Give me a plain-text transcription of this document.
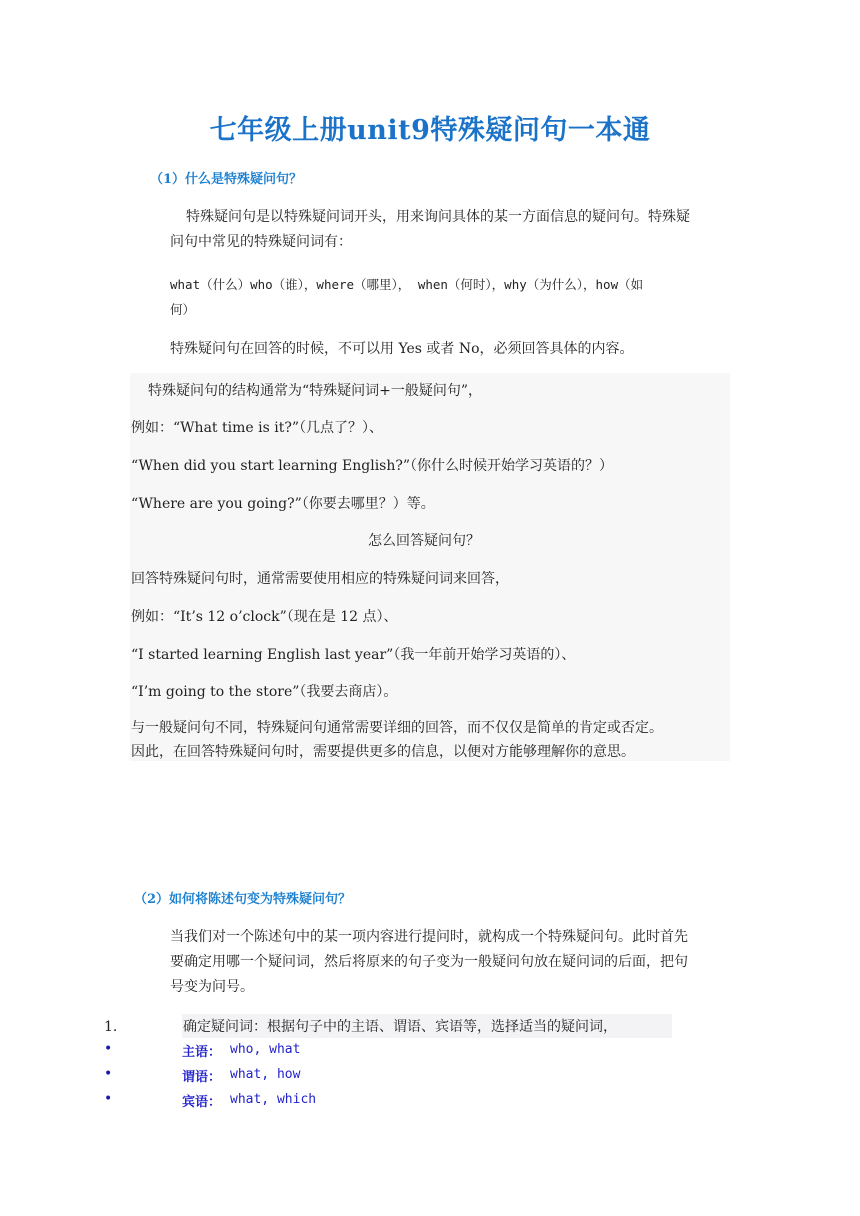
七年级上册unit9特殊疑问句一本通
（1）什么是特殊疑问句？
特殊疑问句是以特殊疑问词开头，用来询问具体的某一方面信息的疑问句。特殊疑
问句中常见的特殊疑问词有：
what（什么）who（谁），where（哪里）， when（何时），why（为什么），how（如
何）
特殊疑问句在回答的时候，不可以用 Yes 或者 No，必须回答具体的内容。
特殊疑问句的结构通常为“特殊疑问词+一般疑问句”，
例如：“What time is it?”（几点了？）、
“When did you start learning English?”（你什么时候开始学习英语的？）
“Where are you going?”（你要去哪里？）等。
怎么回答疑问句？
回答特殊疑问句时，通常需要使用相应的特殊疑问词来回答，
例如：“It’s 12 o’clock”（现在是 12 点）、
“I started learning English last year”（我一年前开始学习英语的）、
“I’m going to the store”（我要去商店）。
与一般疑问句不同，特殊疑问句通常需要详细的回答，而不仅仅是简单的肯定或否定。
因此，在回答特殊疑问句时，需要提供更多的信息，以便对方能够理解你的意思。
（2）如何将陈述句变为特殊疑问句？
当我们对一个陈述句中的某一项内容进行提问时，就构成一个特殊疑问句。此时首先
要确定用哪一个疑问词，然后将原来的句子变为一般疑问句放在疑问词的后面，把句
号变为问号。
1.	确定疑问词：根据句子中的主语、谓语、宾语等，选择适当的疑问词，
•	主语： who, what
•	谓语： what, how
•	宾语： what, which
